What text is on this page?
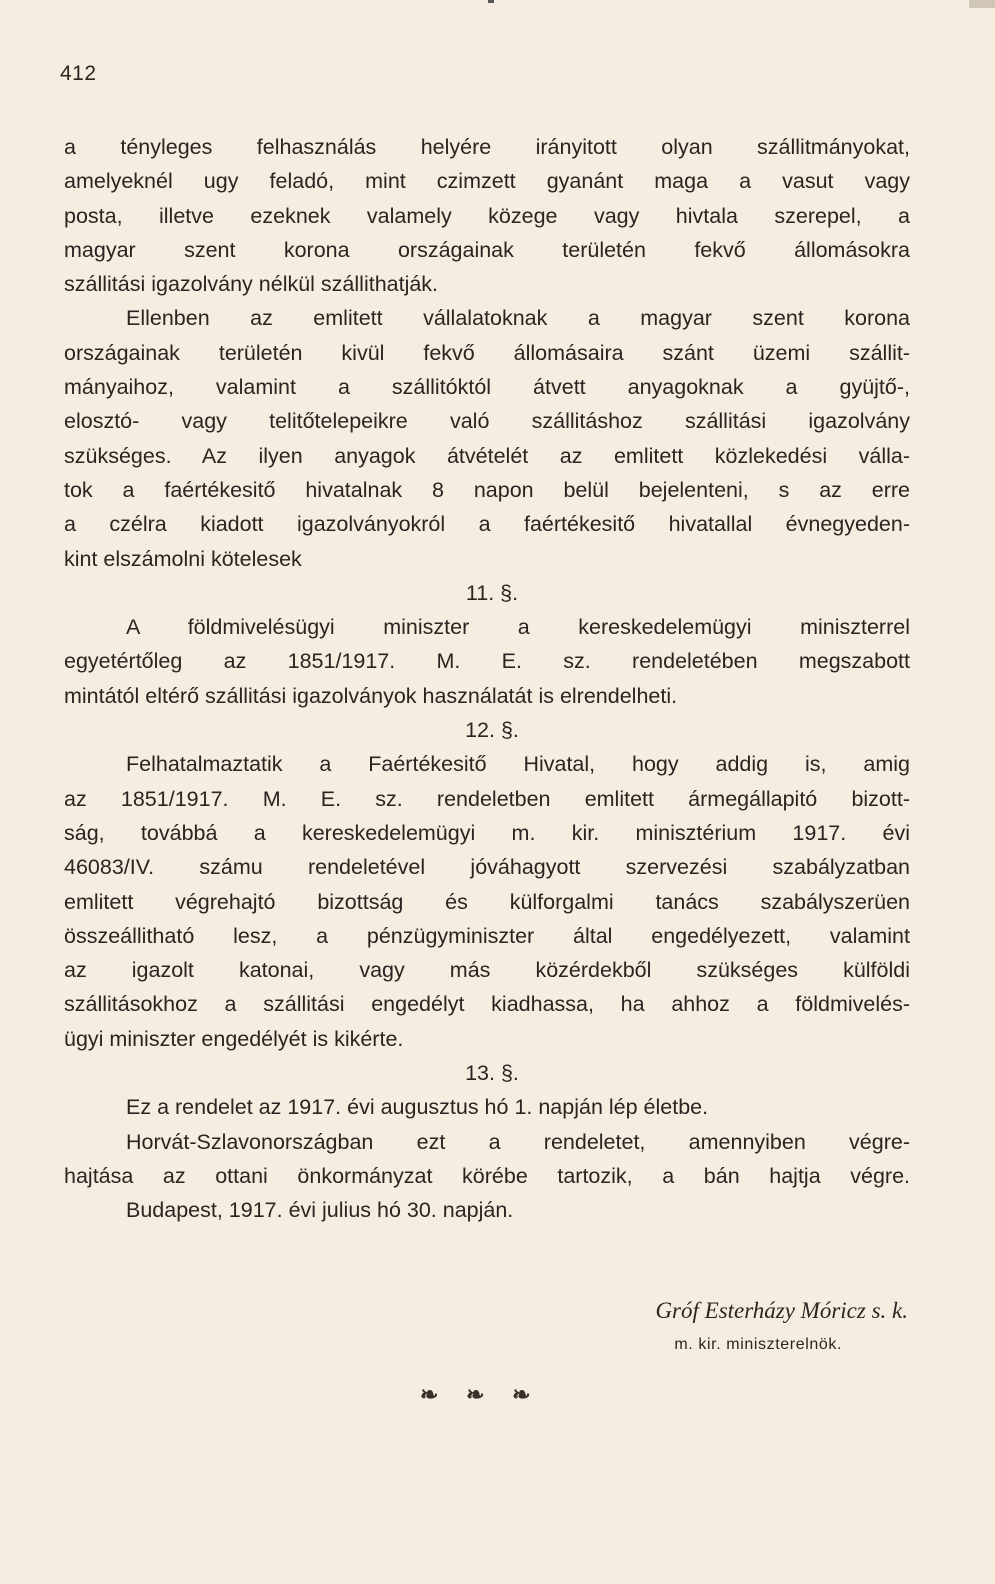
412
a tényleges felhasználás helyére irányitott olyan szállitmányokat,
amelyeknél ugy feladó, mint czimzett gyanánt maga a vasut vagy
posta, illetve ezeknek valamely közege vagy hivtala szerepel, a
magyar szent korona országainak területén fekvő állomásokra
szállitási igazolvány nélkül szállithatják.
Ellenben az emlitett vállalatoknak a magyar szent korona
országainak területén kivül fekvő állomásaira szánt üzemi szállit-
mányaihoz, valamint a szállitóktól átvett anyagoknak a gyüjtő-,
elosztó- vagy telitőtelepeikre való szállitáshoz szállitási igazolvány
szükséges. Az ilyen anyagok átvételét az emlitett közlekedési válla-
tok a faértékesitő hivatalnak 8 napon belül bejelenteni, s az erre
a czélra kiadott igazolványokról a faértékesitő hivatallal évnegyeden-
kint elszámolni kötelesek
11. §.
A földmivelésügyi miniszter a kereskedelemügyi miniszterrel
egyetértőleg az 1851/1917. M. E. sz. rendeletében megszabott
mintától eltérő szállitási igazolványok használatát is elrendelheti.
12. §.
Felhatalmaztatik a Faértékesitő Hivatal, hogy addig is, amig
az 1851/1917. M. E. sz. rendeletben emlitett ármegállapitó bizott-
ság, továbbá a kereskedelemügyi m. kir. minisztérium 1917. évi
46083/IV. számu rendeletével jóváhagyott szervezési szabályzatban
emlitett végrehajtó bizottság és külforgalmi tanács szabályszerüen
összeállitható lesz, a pénzügyminiszter által engedélyezett, valamint
az igazolt katonai, vagy más közérdekből szükséges külföldi
szállitásokhoz a szállitási engedélyt kiadhassa, ha ahhoz a földmivelés-
ügyi miniszter engedélyét is kikérte.
13. §.
Ez a rendelet az 1917. évi augusztus hó 1. napján lép életbe.
Horvát-Szlavonországban ezt a rendeletet, amennyiben végre-
hajtása az ottani önkormányzat körébe tartozik, a bán hajtja végre.
Budapest, 1917. évi julius hó 30. napján.
Gróf Esterházy Móricz s. k.
m. kir. miniszterelnök.
❧ ❧ ❧
